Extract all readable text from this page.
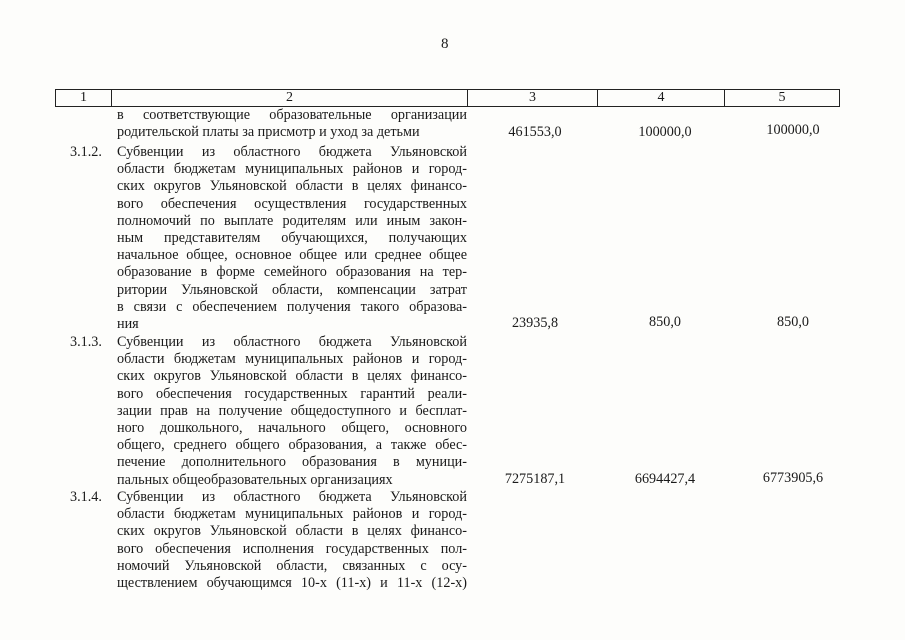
8
1	2	3	4	5
в соответствующие образовательные организации
родительской платы за присмотр и уход за детьми	461553,0	100000,0	100000,0
3.1.2.	Субвенции из областного бюджета Ульяновской
области бюджетам муниципальных районов и город-
ских округов Ульяновской области в целях финансо-
вого обеспечения осуществления государственных
полномочий по выплате родителям или иным закон-
ным представителям обучающихся, получающих
начальное общее, основное общее или среднее общее
образование в форме семейного образования на тер-
ритории Ульяновской области, компенсации затрат
в связи с обеспечением получения такого образова-
ния	23935,8	850,0	850,0
3.1.3.	Субвенции из областного бюджета Ульяновской
области бюджетам муниципальных районов и город-
ских округов Ульяновской области в целях финансо-
вого обеспечения государственных гарантий реали-
зации прав на получение общедоступного и бесплат-
ного дошкольного, начального общего, основного
общего, среднего общего образования, а также обес-
печение дополнительного образования в муници-
пальных общеобразовательных организациях	7275187,1	6694427,4	6773905,6
3.1.4.	Субвенции из областного бюджета Ульяновской
области бюджетам муниципальных районов и город-
ских округов Ульяновской области в целях финансо-
вого обеспечения исполнения государственных пол-
номочий Ульяновской области, связанных с осу-
ществлением обучающимся 10-х (11-х) и 11-х (12-х)
